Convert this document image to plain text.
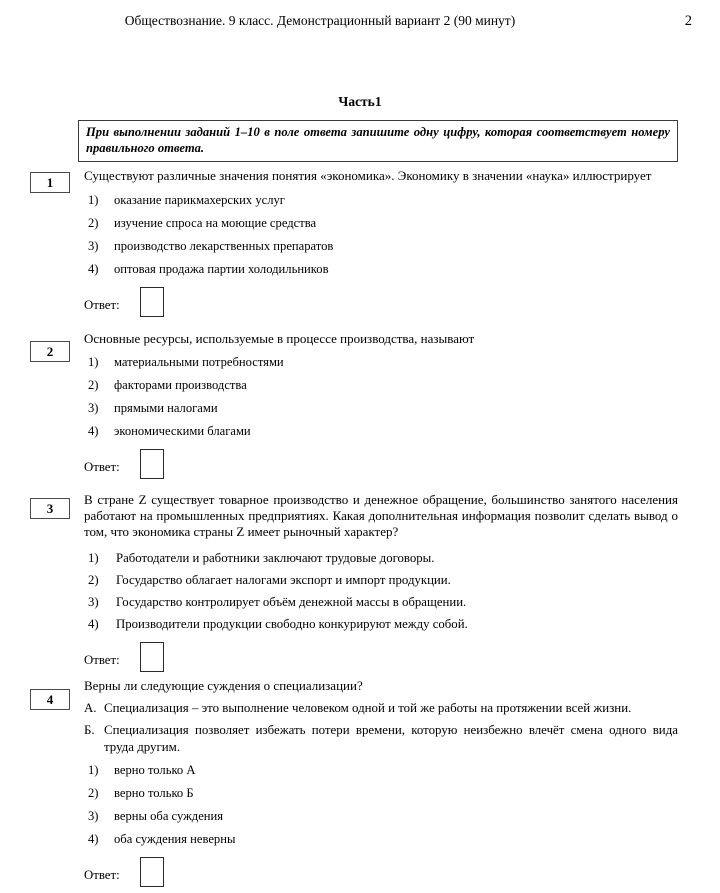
Обществознание. 9 класс. Демонстрационный вариант 2 (90 минут)	2
Часть1

При выполнении заданий 1–10 в поле ответа запишите одну цифру, которая соответствует номеру правильного ответа.

1	Существуют различные значения понятия «экономика». Экономику в значении «наука» иллюстрирует

1) оказание парикмахерских услуг
2) изучение спроса на моющие средства
3) производство лекарственных препаратов
4) оптовая продажа партии холодильников
Ответ:
2

Основные ресурсы, используемые в процессе производства, называют

1) материальными потребностями
2) факторами производства
3) прямыми налогами
4) экономическими благами
Ответ:
3

В стране Z существует товарное производство и денежное обращение, большинство занятого населения работают на промышленных предприятиях. Какая дополнительная информация позволит сделать вывод о том, что экономика страны Z имеет рыночный характер?

1) Работодатели и работники заключают трудовые договоры.
2) Государство облагает налогами экспорт и импорт продукции.
3) Государство контролирует объём денежной массы в обращении.
4) Производители продукции свободно конкурируют между собой.
Ответ:
4

Верны ли следующие суждения о специализации?

А. Специализация – это выполнение человеком одной и той же работы на протяжении всей жизни.
Б. Специализация позволяет избежать потери времени, которую неизбежно влечёт смена одного вида труда другим.
1) верно только А
2) верно только Б
3) верны оба суждения
4) оба суждения неверны
Ответ:
